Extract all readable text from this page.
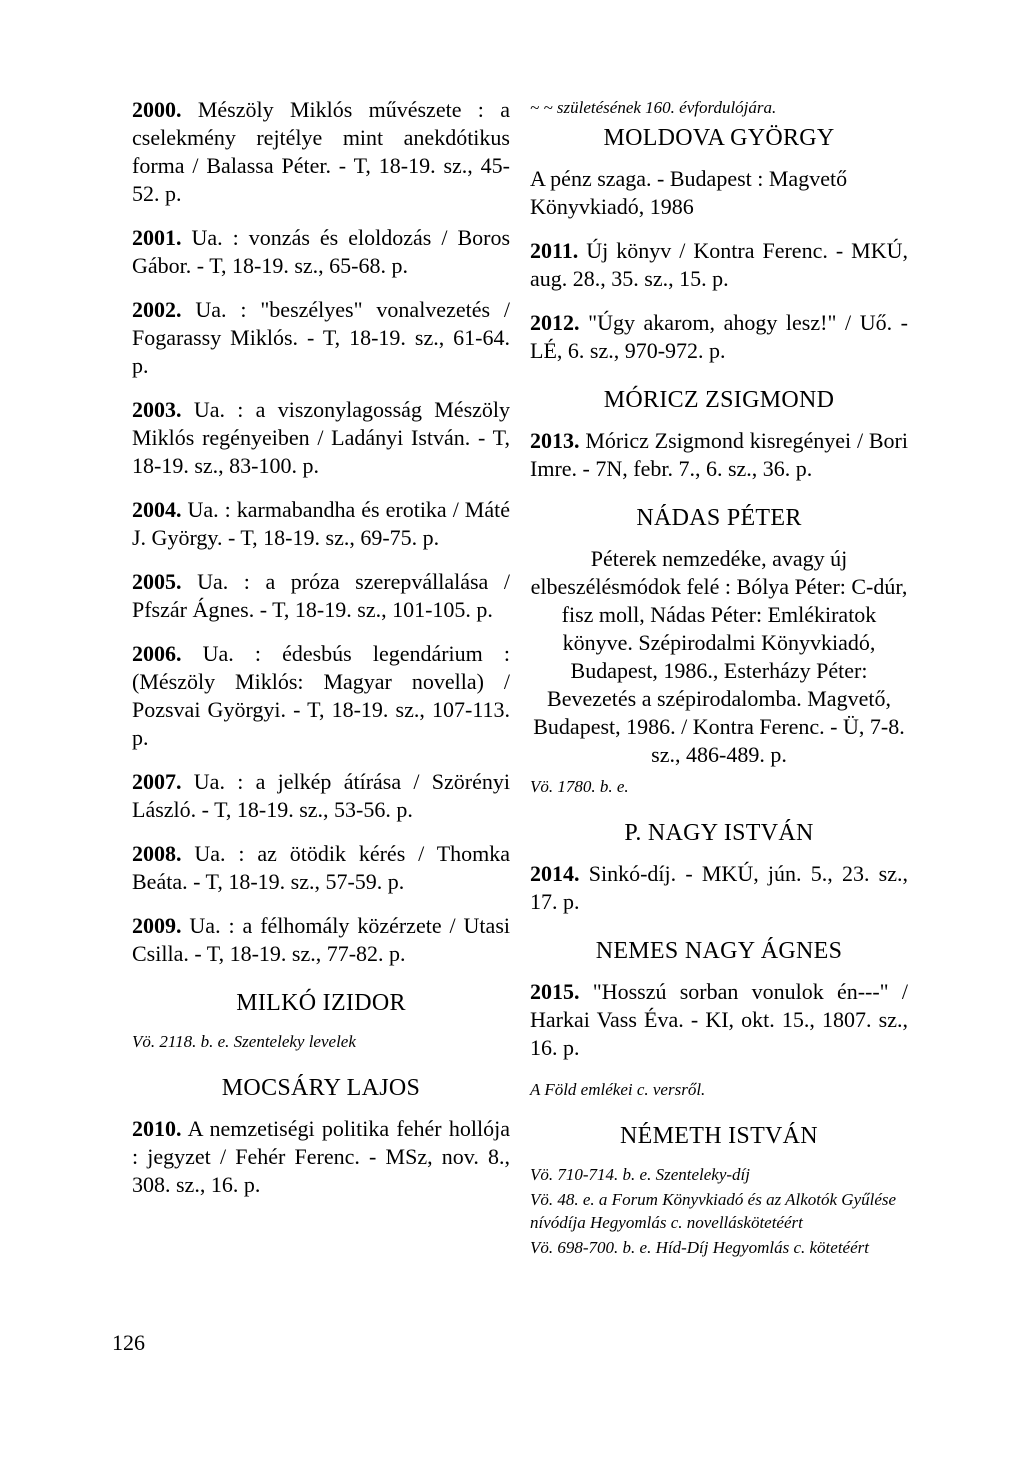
2000. Mészöly Miklós művészete : a cselekmény rejtélye mint anekdótikus forma / Balassa Péter. - T, 18-19. sz., 45-52. p.
2001. Ua. : vonzás és eloldozás / Boros Gábor. - T, 18-19. sz., 65-68. p.
2002. Ua. : "beszélyes" vonalvezetés / Fogarassy Miklós. - T, 18-19. sz., 61-64. p.
2003. Ua. : a viszonylagosság Mészöly Miklós regényeiben / Ladányi István. - T, 18-19. sz., 83-100. p.
2004. Ua. : karmabandha és erotika / Máté J. György. - T, 18-19. sz., 69-75. p.
2005. Ua. : a próza szerepvállalása / Pfszár Ágnes. - T, 18-19. sz., 101-105. p.
2006. Ua. : édesbús legendárium : (Mészöly Miklós: Magyar novella) / Pozsvai Györgyi. - T, 18-19. sz., 107-113. p.
2007. Ua. : a jelkép átírása / Szörényi László. - T, 18-19. sz., 53-56. p.
2008. Ua. : az ötödik kérés / Thomka Beáta. - T, 18-19. sz., 57-59. p.
2009. Ua. : a félhomály közérzete / Utasi Csilla. - T, 18-19. sz., 77-82. p.
MILKÓ IZIDOR
Vö. 2118. b. e. Szenteleky levelek
MOCSÁRY LAJOS
2010. A nemzetiségi politika fehér hollója : jegyzet / Fehér Ferenc. - MSz, nov. 8., 308. sz., 16. p.
~ ~ születésének 160. évfordulójára.
MOLDOVA GYÖRGY
A pénz szaga. - Budapest : Magvető Könyvkiadó, 1986
2011. Új könyv / Kontra Ferenc. - MKÚ, aug. 28., 35. sz., 15. p.
2012. "Úgy akarom, ahogy lesz!" / Uő. - LÉ, 6. sz., 970-972. p.
MÓRICZ ZSIGMOND
2013. Móricz Zsigmond kisregényei / Bori Imre. - 7N, febr. 7., 6. sz., 36. p.
NÁDAS PÉTER
Péterek nemzedéke, avagy új elbeszélésmódok felé : Bólya Péter: C-dúr, fisz moll, Nádas Péter: Emlékiratok könyve. Szépirodalmi Könyvkiadó, Budapest, 1986., Esterházy Péter: Bevezetés a szépirodalomba. Magvető, Budapest, 1986. / Kontra Ferenc. - Ü, 7-8. sz., 486-489. p.
Vö. 1780. b. e.
P. NAGY ISTVÁN
2014. Sinkó-díj. - MKÚ, jún. 5., 23. sz., 17. p.
NEMES NAGY ÁGNES
2015. "Hosszú sorban vonulok én---" / Harkai Vass Éva. - KI, okt. 15., 1807. sz., 16. p.
A Föld emlékei c. versről.
NÉMETH ISTVÁN
Vö. 710-714. b. e. Szenteleky-díj
Vö. 48. e. a Forum Könyvkiadó és az Alkotók Gyűlése nívódíja Hegyomlás c. novelláskötetéért
Vö. 698-700. b. e. Híd-Díj Hegyomlás c. kötetéért
126
